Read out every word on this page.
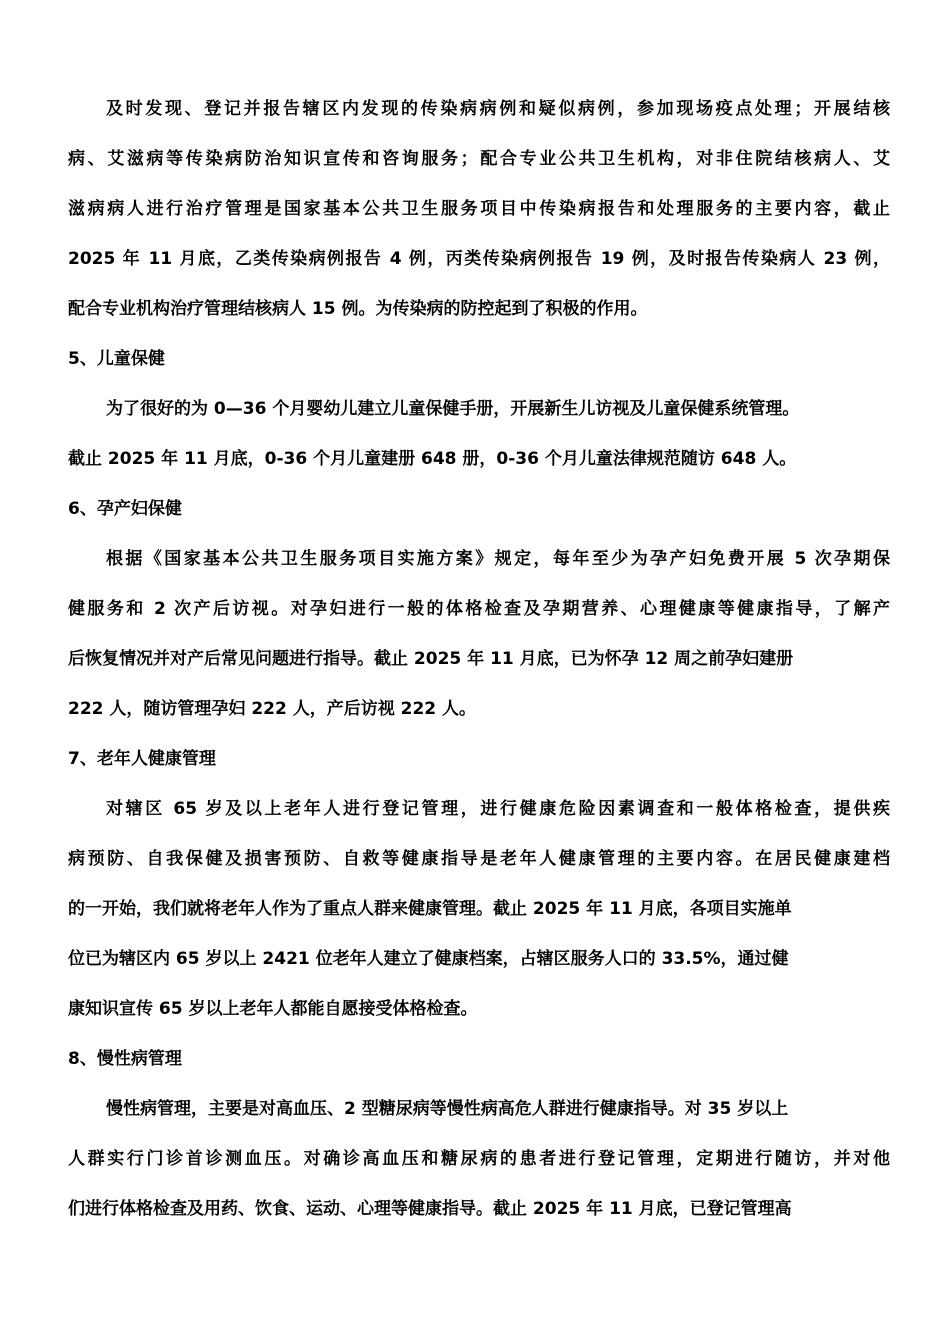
及时发现、登记并报告辖区内发现的传染病病例和疑似病例，参加现场疫点处理；开展结核
病、艾滋病等传染病防治知识宣传和咨询服务；配合专业公共卫生机构，对非住院结核病人、艾
滋病病人进行治疗管理是国家基本公共卫生服务项目中传染病报告和处理服务的主要内容，截止
2025 年 11 月底，乙类传染病例报告 4 例，丙类传染病例报告 19 例，及时报告传染病人 23 例，
配合专业机构治疗管理结核病人 15 例。为传染病的防控起到了积极的作用。
5、儿童保健
为了很好的为 0—36 个月婴幼儿建立儿童保健手册，开展新生儿访视及儿童保健系统管理。
截止 2025 年 11 月底，0-36 个月儿童建册 648 册，0-36 个月儿童法律规范随访 648 人。
6、孕产妇保健
根据《国家基本公共卫生服务项目实施方案》规定，每年至少为孕产妇免费开展 5 次孕期保
健服务和 2 次产后访视。对孕妇进行一般的体格检查及孕期营养、心理健康等健康指导，了解产
后恢复情况并对产后常见问题进行指导。截止 2025 年 11 月底，已为怀孕 12 周之前孕妇建册
222 人，随访管理孕妇 222 人，产后访视 222 人。
7、老年人健康管理
对辖区 65 岁及以上老年人进行登记管理，进行健康危险因素调查和一般体格检查，提供疾
病预防、自我保健及损害预防、自救等健康指导是老年人健康管理的主要内容。在居民健康建档
的一开始，我们就将老年人作为了重点人群来健康管理。截止 2025 年 11 月底，各项目实施单
位已为辖区内 65 岁以上 2421 位老年人建立了健康档案，占辖区服务人口的 33.5%，通过健
康知识宣传 65 岁以上老年人都能自愿接受体格检查。
8、慢性病管理
慢性病管理，主要是对高血压、2 型糖尿病等慢性病高危人群进行健康指导。对 35 岁以上
人群实行门诊首诊测血压。对确诊高血压和糖尿病的患者进行登记管理，定期进行随访，并对他
们进行体格检查及用药、饮食、运动、心理等健康指导。截止 2025 年 11 月底，已登记管理高
